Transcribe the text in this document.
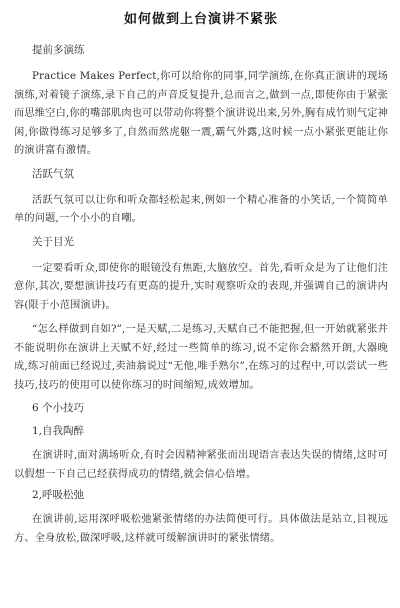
如何做到上台演讲不紧张
提前多演练
Practice Makes Perfect,你可以给你的同事,同学演练,在你真正演讲的现场演练,对着镜子演练,录下自己的声音反复提升,总而言之,做到一点,即使你由于紧张而思维空白,你的嘴部肌肉也可以带动你将整个演讲说出来,另外,胸有成竹则气定神闲,你做得练习足够多了,自然而然虎躯一震,霸气外露,这时候一点小紧张更能让你的演讲富有激情。
活跃气氛
活跃气氛可以让你和听众都轻松起来,例如一个精心准备的小笑话,一个简简单单的问题,一个小小的自嘲。
关于目光
一定要看听众,即使你的眼镜没有焦距,大脑放空。首先,看听众是为了让他们注意你,其次,要想演讲技巧有更高的提升,实时观察听众的表现,并强调自己的演讲内容(限于小范围演讲)。
“怎么样做到自如?”,一是天赋,二是练习,天赋自己不能把握,但一开始就紧张并不能说明你在演讲上天赋不好,经过一些简单的练习,说不定你会豁然开朗,大器晚成,练习前面已经说过,卖油翁说过“无他,唯手熟尔”,在练习的过程中,可以尝试一些技巧,技巧的使用可以使你练习的时间缩短,成效增加。
6 个小技巧
1,自我陶醉
在演讲时,面对满场听众,有时会因精神紧张而出现语言表达失误的情绪,这时可以假想一下自己已经获得成功的情绪,就会信心倍增。
2,呼吸松弛
在演讲前,运用深呼吸松弛紧张情绪的办法简便可行。具体做法是站立,目视远方、全身放松,做深呼吸,这样就可缓解演讲时的紧张情绪。
